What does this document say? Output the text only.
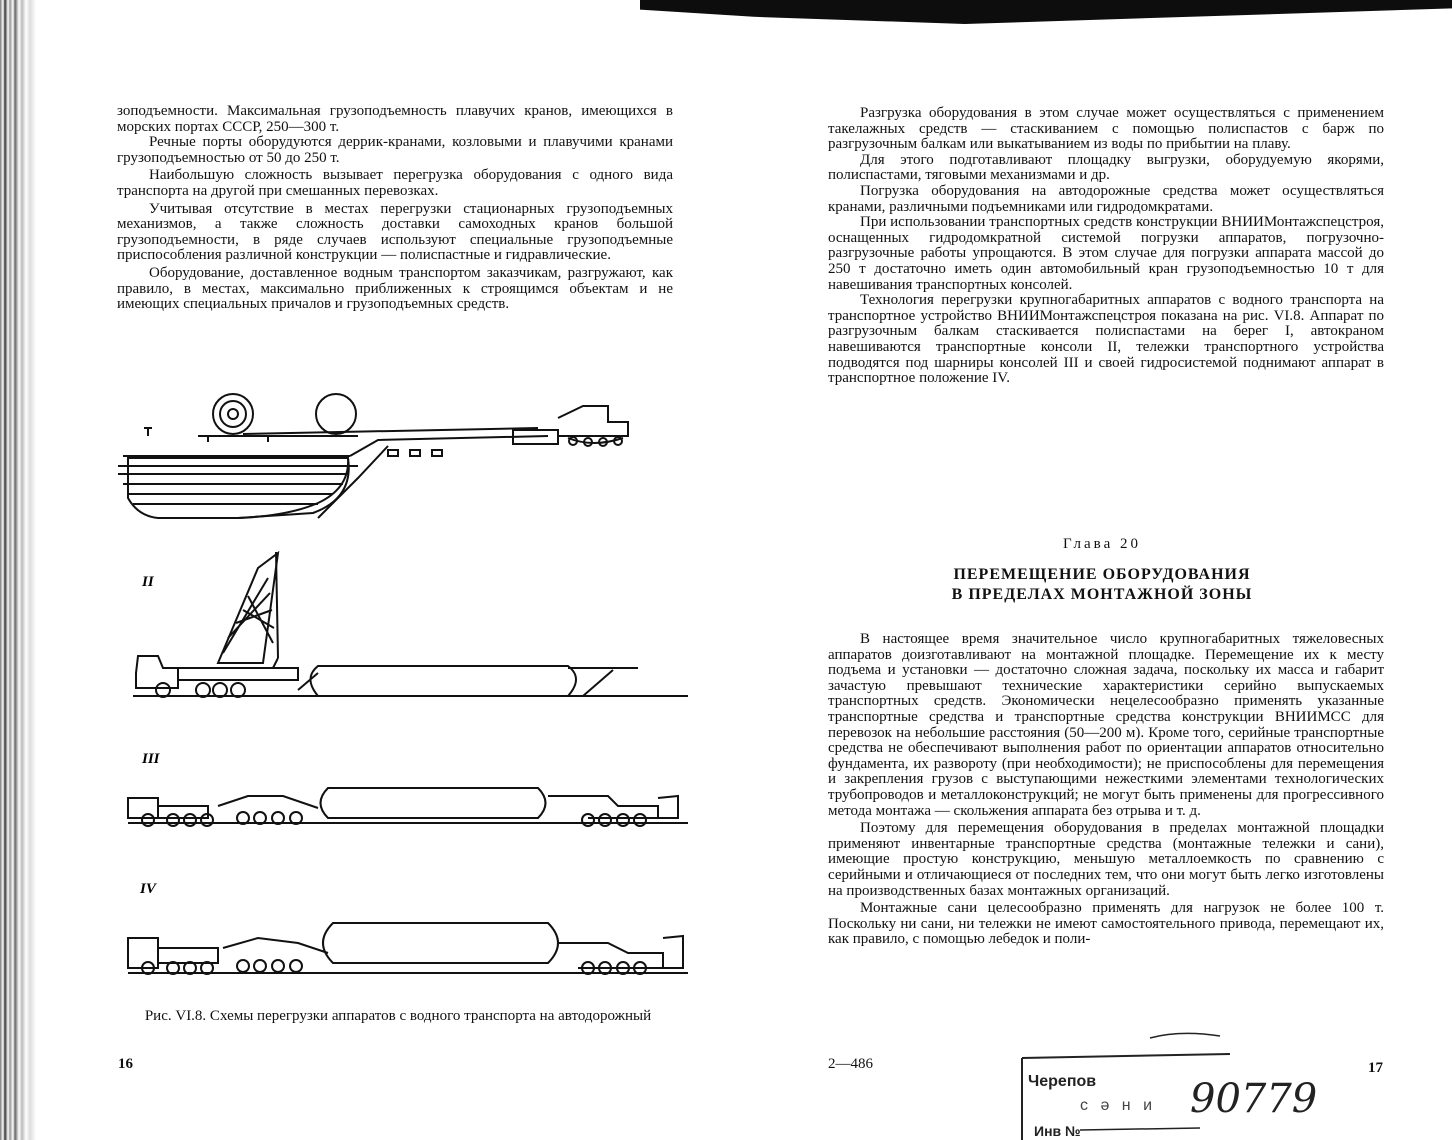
зоподъемности. Максимальная грузоподъемность плавучих кранов, имеющихся в морских портах СССР, 250—300 т.

Речные порты оборудуются деррик-кранами, козловыми и плавучими кранами грузоподъемностью от 50 до 250 т.

Наибольшую сложность вызывает перегрузка оборудования с одного вида транспорта на другой при смешанных перевозках.

Учитывая отсутствие в местах перегрузки стационарных грузоподъемных механизмов, а также сложность доставки самоходных кранов большой грузоподъемности, в ряде случаев используют специальные грузоподъемные приспособления различной конструкции — полиспастные и гидравлические.

Оборудование, доставленное водным транспортом заказчикам, разгружают, как правило, в местах, максимально приближенных к строящимся объектам и не имеющих специальных причалов и грузоподъемных средств.

II
III
IV
Рис. VI.8. Схемы перегрузки аппаратов с водного транспорта на автодорожный
16

Разгрузка оборудования в этом случае может осуществляться с применением такелажных средств — стаскиванием с помощью полиспастов с барж по разгрузочным балкам или выкатыванием из воды по прибытии на плаву.

Для этого подготавливают площадку выгрузки, оборудуемую якорями, полиспастами, тяговыми механизмами и др.

Погрузка оборудования на автодорожные средства может осуществляться кранами, различными подъемниками или гидродомкратами.

При использовании транспортных средств конструкции ВНИИМонтажспецстроя, оснащенных гидродомкратной системой погрузки аппаратов, погрузочно-разгрузочные работы упрощаются. В этом случае для погрузки аппарата массой до 250 т достаточно иметь один автомобильный кран грузоподъемностью 10 т для навешивания транспортных консолей.

Технология перегрузки крупногабаритных аппаратов с водного транспорта на транспортное устройство ВНИИМонтажспецстроя показана на рис. VI.8. Аппарат по разгрузочным балкам стаскивается полиспастами на берег I, автокраном навешиваются транспортные консоли II, тележки транспортного устройства подводятся под шарниры консолей III и своей гидросистемой поднимают аппарат в транспортное положение IV.

Глава 20
ПЕРЕМЕЩЕНИЕ ОБОРУДОВАНИЯ
В ПРЕДЕЛАХ МОНТАЖНОЙ ЗОНЫ

В настоящее время значительное число крупногабаритных тяжеловесных аппаратов доизготавливают на монтажной площадке. Перемещение их к месту подъема и установки — достаточно сложная задача, поскольку их масса и габарит зачастую превышают технические характеристики серийно выпускаемых транспортных средств. Экономически нецелесообразно применять указанные транспортные средства и транспортные средства конструкции ВНИИМСС для перевозок на небольшие расстояния (50—200 м). Кроме того, серийные транспортные средства не обеспечивают выполнения работ по ориентации аппаратов относительно фундамента, их развороту (при необходимости); не приспособлены для перемещения и закрепления грузов с выступающими нежесткими элементами технологических трубопроводов и металлоконструкций; не могут быть применены для прогрессивного метода монтажа — скольжения аппарата без отрыва и т. д.

Поэтому для перемещения оборудования в пределах монтажной площадки применяют инвентарные транспортные средства (монтажные тележки и сани), имеющие простую конструкцию, меньшую металлоемкость по сравнению с серийными и отличающиеся от последних тем, что они могут быть легко изготовлены на производственных базах монтажных организаций.

Монтажные сани целесообразно применять для нагрузок не более 100 т. Поскольку ни сани, ни тележки не имеют самостоятельного привода, перемещают их, как правило, с помощью лебедок и поли-

2—486	17
Черепов
с ә н и 90779
Инв №
